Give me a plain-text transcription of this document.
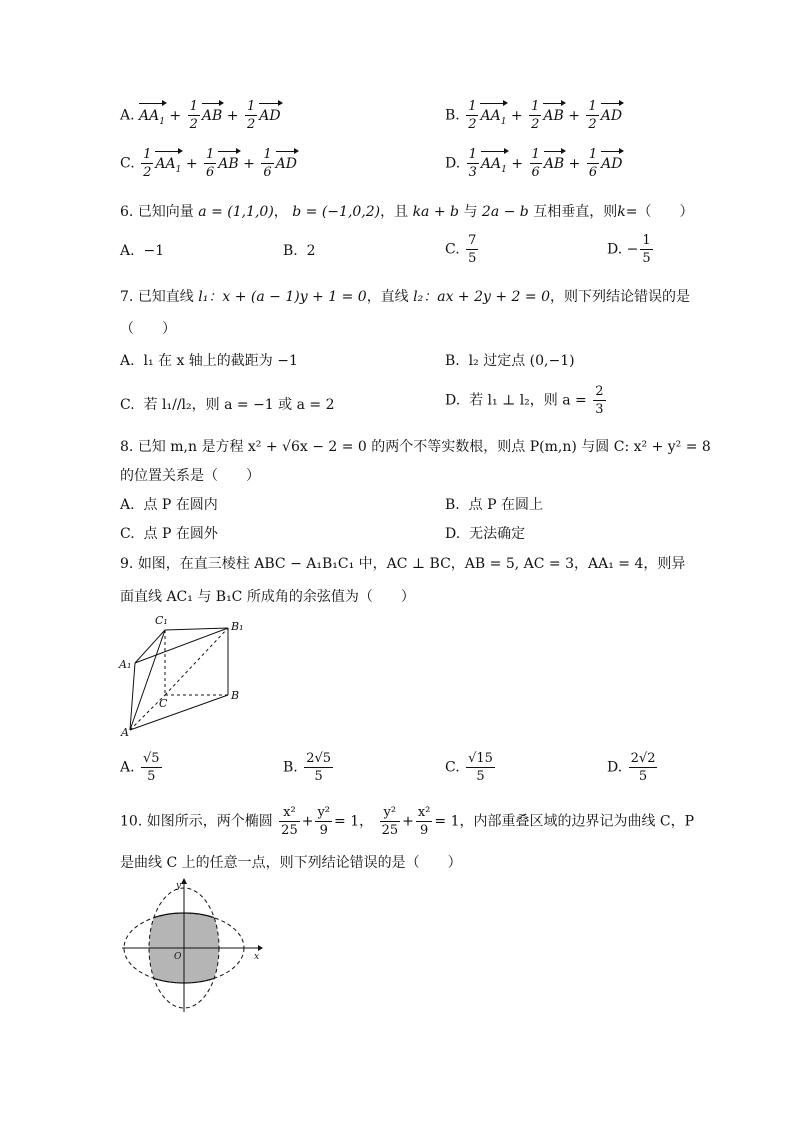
A. $AA_1 + \frac{1}{2}$ AB + $\frac{1}{2}$ AD	B. $\frac{1}{2} AA_1 + \frac{1}{2}$ AB + $\frac{1}{2}$ AD
C. $\frac{1}{2} AA_1 + \frac{1}{6}$ AB + $\frac{1}{6}$ AD	D. $\frac{1}{3} AA_1 + \frac{1}{6}$ AB + $\frac{1}{6}$ AD
6. 已知向量 a = (1,1,0)， b = (−1,0,2)，且 ka + b 与 2a − b 互相垂直，则k=（　　）
A. −1	B. 2	C. $\frac{7}{5}$	D. − $\frac{1}{5}$
7. 已知直线 l₁：x + (a − 1)y + 1 = 0，直线 l₂：ax + 2y + 2 = 0，则下列结论错误的是
（　　）
A. l₁ 在 x 轴上的截距为 −1	B. l₂ 过定点 (0,−1)
C. 若 l₁//l₂，则 a = −1 或 a = 2	D. 若 l₁ ⊥ l₂，则 $a = \frac{2}{3}$
8. 已知 m,n 是方程 x² + √6x − 2 = 0 的两个不等实数根，则点 P(m,n) 与圆 C: x² + y² = 8
的位置关系是（　　）
A. 点 P 在圆内	B. 点 P 在圆上
C. 点 P 在圆外	D. 无法确定
9. 如图，在直三棱柱 ABC − A₁B₁C₁ 中，AC ⊥ BC，AB = 5, AC = 3，AA₁ = 4，则异
面直线 AC₁ 与 B₁C 所成角的余弦值为（　　）
C₁	B₁
A₁
C
B
A
A. $\frac{√5}{5}$	B. $\frac{2√5}{5}$	C. $\frac{√15}{5}$	D. $\frac{2√2}{5}$
10. 如图所示，两个椭圆 $\frac{\text{x²}}{25} + \frac{\text{y²}}{9} = 1$， $\frac{\text{y²}}{25} + \frac{\text{x²}}{9} = 1$，内部重叠区域的边界记为曲线 C，P
是曲线 C 上的任意一点，则下列结论错误的是（　　）
y
x
O
